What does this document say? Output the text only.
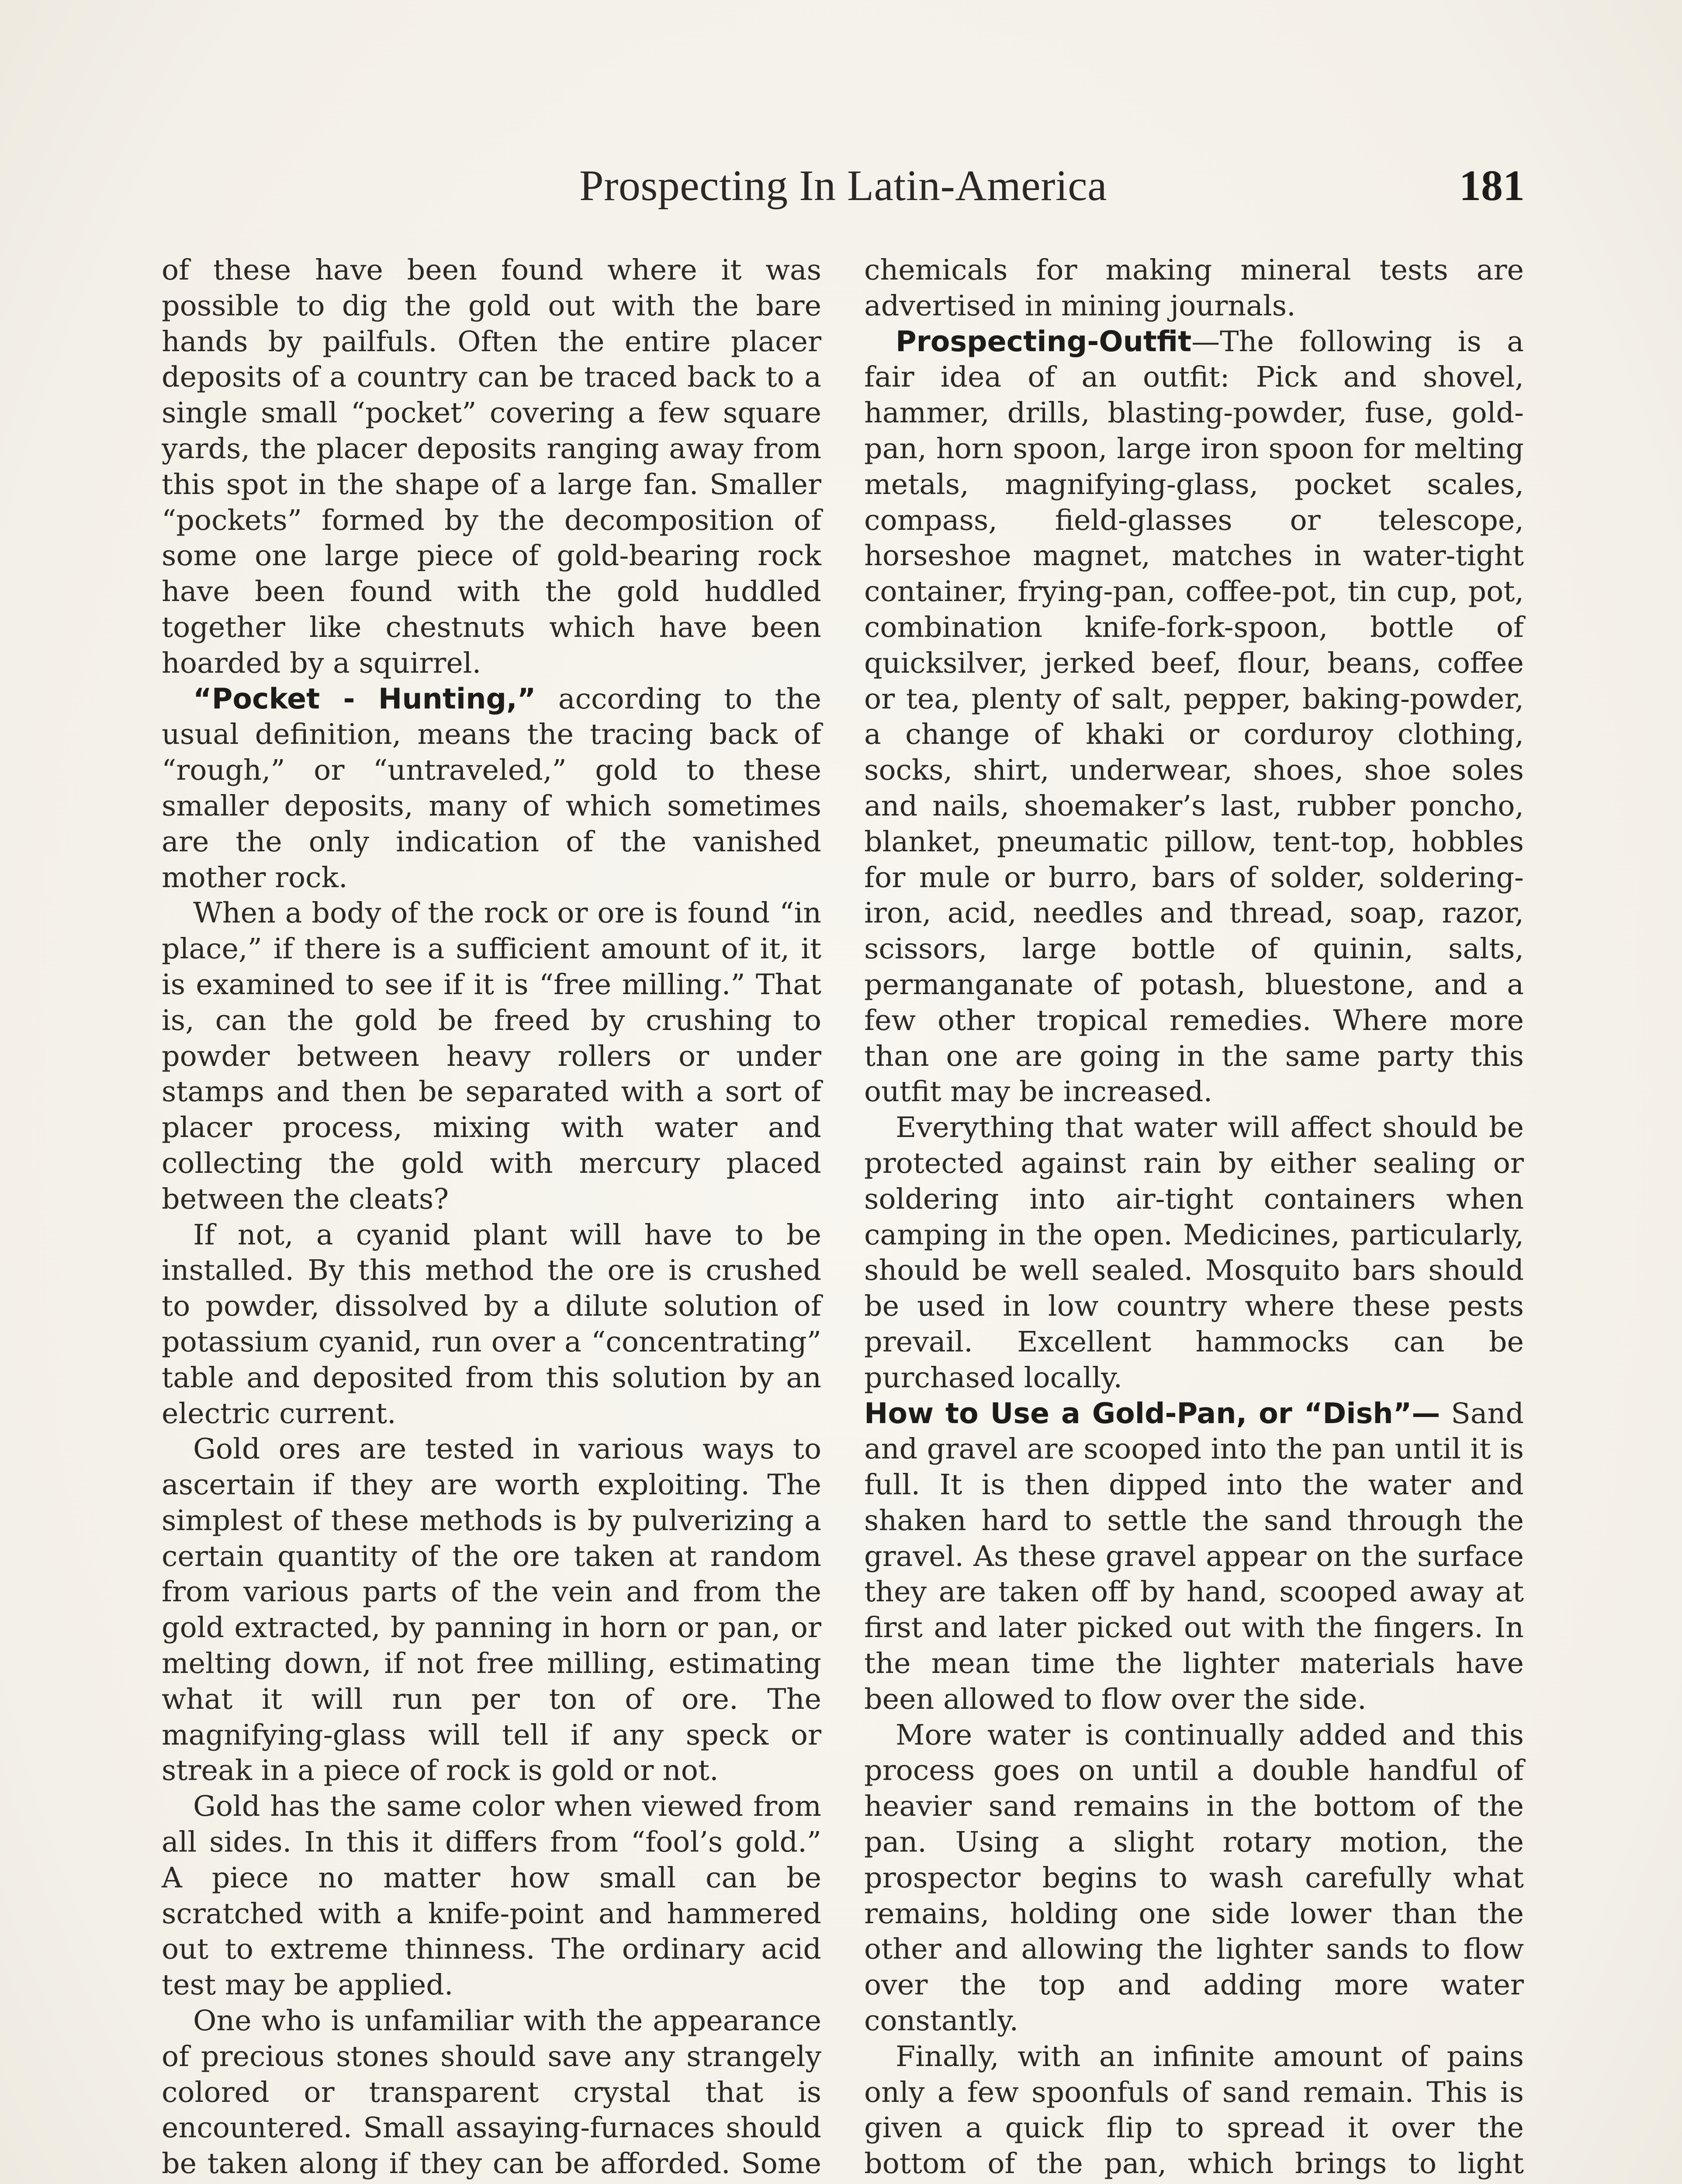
Prospecting In Latin-America	181

of these have been found where it was possible to dig the gold out with the bare hands by pailfuls. Often the entire placer deposits of a country can be traced back to a single small “pocket” covering a few square yards, the placer deposits ranging away from this spot in the shape of a large fan. Smaller “pockets” formed by the decomposition of some one large piece of gold-bearing rock have been found with the gold huddled together like chestnuts which have been hoarded by a squirrel.

“Pocket - Hunting,” according to the usual definition, means the tracing back of “rough,” or “untraveled,” gold to these smaller deposits, many of which sometimes are the only indication of the vanished mother rock.

When a body of the rock or ore is found “in place,” if there is a sufficient amount of it, it is examined to see if it is “free milling.” That is, can the gold be freed by crushing to powder between heavy rollers or under stamps and then be separated with a sort of placer process, mixing with water and collecting the gold with mercury placed between the cleats?

If not, a cyanid plant will have to be installed. By this method the ore is crushed to powder, dissolved by a dilute solution of potassium cyanid, run over a “concentrating” table and deposited from this solution by an electric current.

Gold ores are tested in various ways to ascertain if they are worth exploiting. The simplest of these methods is by pulverizing a certain quantity of the ore taken at random from various parts of the vein and from the gold extracted, by panning in horn or pan, or melting down, if not free milling, estimating what it will run per ton of ore. The magnifying-glass will tell if any speck or streak in a piece of rock is gold or not.

Gold has the same color when viewed from all sides. In this it differs from “fool’s gold.” A piece no matter how small can be scratched with a knife-point and hammered out to extreme thinness. The ordinary acid test may be applied.

One who is unfamiliar with the appearance of precious stones should save any strangely colored or transparent crystal that is encountered. Small assaying-furnaces should be taken along if they can be afforded. Some

chemicals for making mineral tests are advertised in mining journals.

Prospecting-Outfit—The following is a fair idea of an outfit: Pick and shovel, hammer, drills, blasting-powder, fuse, gold-pan, horn spoon, large iron spoon for melting metals, magnifying-glass, pocket scales, compass, field-glasses or telescope, horseshoe magnet, matches in water-tight container, frying-pan, coffee-pot, tin cup, pot, combination knife-fork-spoon, bottle of quicksilver, jerked beef, flour, beans, coffee or tea, plenty of salt, pepper, baking-powder, a change of khaki or corduroy clothing, socks, shirt, underwear, shoes, shoe soles and nails, shoemaker’s last, rubber poncho, blanket, pneumatic pillow, tent-top, hobbles for mule or burro, bars of solder, soldering-iron, acid, needles and thread, soap, razor, scissors, large bottle of quinin, salts, permanganate of potash, bluestone, and a few other tropical remedies. Where more than one are going in the same party this outfit may be increased.

Everything that water will affect should be protected against rain by either sealing or soldering into air-tight containers when camping in the open. Medicines, particularly, should be well sealed. Mosquito bars should be used in low country where these pests prevail. Excellent hammocks can be purchased locally.

How to Use a Gold-Pan, or “Dish”— Sand and gravel are scooped into the pan until it is full. It is then dipped into the water and shaken hard to settle the sand through the gravel. As these gravel appear on the surface they are taken off by hand, scooped away at first and later picked out with the fingers. In the mean time the lighter materials have been allowed to flow over the side.

More water is continually added and this process goes on until a double handful of heavier sand remains in the bottom of the pan. Using a slight rotary motion, the prospector begins to wash carefully what remains, holding one side lower than the other and allowing the lighter sands to flow over the top and adding more water constantly.

Finally, with an infinite amount of pains only a few spoonfuls of sand remain. This is given a quick flip to spread it over the bottom of the pan, which brings to light
